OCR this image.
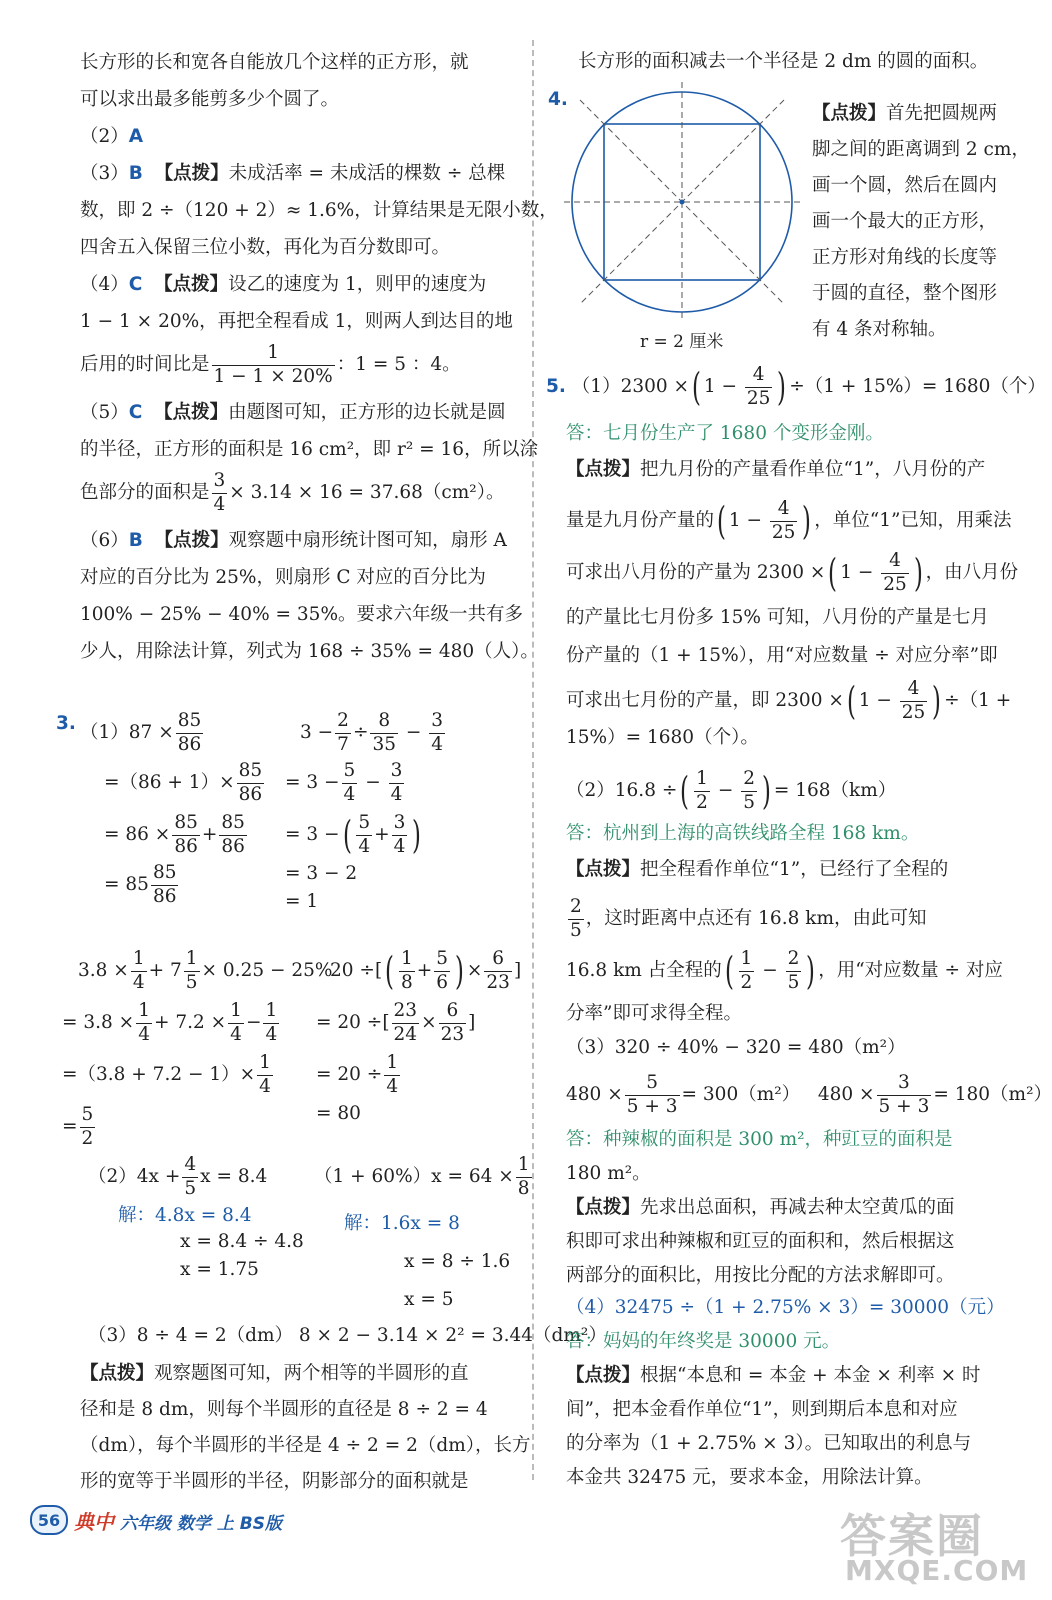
长方形的长和宽各自能放几个这样的正方形，就
可以求出最多能剪多少个圆了。
（2）A
（3）B 【点拨】未成活率 = 未成活的棵数 ÷ 总棵
数，即 2 ÷（120 + 2）≈ 1.6%，计算结果是无限小数，
四舍五入保留三位小数，再化为百分数即可。
（4）C 【点拨】设乙的速度为 1，则甲的速度为
1 − 1 × 20%，再把全程看成 1，则两人到达目的地
后用的时间比是 $\frac{1}{1 - 1 \times 20\%}$ ：1 = 5 ：4。
（5）C 【点拨】由题图可知，正方形的边长就是圆
的半径，正方形的面积是 16 cm²，即 r² = 16，所以涂
色部分的面积是 $\frac{3}{4} \times 3.14 \times 16 = 37.68(cm^2)$。
（6）B 【点拨】观察题中扇形统计图可知，扇形 A
对应的百分比为 25%，则扇形 C 对应的百分比为
100% − 25% − 40% = 35%。要求六年级一共有多
少人，用除法计算，列式为 168 ÷ 35% = 480（人）。
3. $(1)87 \times \frac{85}{86}$
$=(86 + 1)\times \frac{85}{86}$
= $86 \times \frac{85}{86} + \frac{85}{86}$
= $85 \frac{85}{86}$
$3 - \frac{2}{7} \div \frac{8}{35} - \frac{3}{4}$
= $3 - \frac{5}{4} - \frac{3}{4}$
= 3 −( $\frac{5}{4} + \frac{3}{4}$ )
= 3 − 2
= 1
$3.8 \times \frac{1}{4} + 7 \frac{1}{5} \times 0.25 - 25\%$
= $3.8 \times \frac{1}{4} + 7.2 \times \frac{1}{4} - \frac{1}{4}$
$=(3.8 + 7.2 - 1)\times \frac{1}{4}$
= $\frac{5}{2}$
20 ÷[( $\frac{1}{8} + \frac{5}{6}$ ) × $\frac{6}{23}$ ]
= 20 ÷[ $\frac{23}{24} \times \frac{6}{23}$ ]
= $20 \div \frac{1}{4}$
= 80
$(2)4x + \frac{4}{5}$ x = 8.4
解：4.8x = 8.4
x = 8.4 ÷ 4.8
x = 1.75
$(1 + 60\%)x = 64 \times \frac{1}{8}$
解：1.6x = 8
x = 8 ÷ 1.6
x = 5
（3）8 ÷ 4 = 2（dm） 8 × 2 − 3.14 × 2² = 3.44（dm²）
【点拨】观察题图可知，两个相等的半圆形的直
径和是 8 dm，则每个半圆形的直径是 8 ÷ 2 = 4
（dm），每个半圆形的半径是 4 ÷ 2 = 2（dm），长方
形的宽等于半圆形的半径，阴影部分的面积就是
长方形的面积减去一个半径是 2 dm 的圆的面积。
4.
r = 2 厘米
【点拨】首先把圆规两
脚之间的距离调到 2 cm，
画一个圆，然后在圆内
画一个最大的正方形，
正方形对角线的长度等
于圆的直径，整个图形
有 4 条对称轴。
5. （1）2300 ×( $1 - \frac{4}{25}$ ) ÷（1 + 15%）= 1680（个）
答：七月份生产了 1680 个变形金刚。
【点拨】把九月份的产量看作单位“1”，八月份的产
量是九月份产量的( $1 - \frac{4}{25}$ ) ，单位“1”已知，用乘法
可求出八月份的产量为 2300 ×( $1 - \frac{4}{25}$ ) ，由八月份
的产量比七月份多 15% 可知，八月份的产量是七月
份产量的（1 + 15%），用“对应数量 ÷ 对应分率”即
可求出七月份的产量，即 2300 ×( $1 - \frac{4}{25}$ ) ÷（1 +
15%）= 1680（个）。
（2）16.8 ÷( $\frac{1}{2} - \frac{2}{5}$ ) = 168（km）
答：杭州到上海的高铁线路全程 168 km。
【点拨】把全程看作单位“1”，已经行了全程的
$\frac{2}{5}$ ，这时距离中点还有 16.8 km，由此可知
16.8 km 占全程的( $\frac{1}{2} - \frac{2}{5}$ ) ，用“对应数量 ÷ 对应
分率”即可求得全程。
（3）320 ÷ 40% − 320 = 480（m²）
$480 \times \frac{5}{5 + 3} = 300(m^2) 480 \times \frac{3}{5 + 3} = 180(m^2)$
答：种辣椒的面积是 300 m²，种豇豆的面积是
180 m²。
【点拨】先求出总面积，再减去种太空黄瓜的面
积即可求出种辣椒和豇豆的面积和，然后根据这
两部分的面积比，用按比分配的方法求解即可。
（4）32475 ÷（1 + 2.75% × 3）= 30000（元）
答：妈妈的年终奖是 30000 元。
【点拨】根据“本息和 = 本金 + 本金 × 利率 × 时
间”，把本金看作单位“1”，则到期后本息和对应
的分率为（1 + 2.75% × 3）。已知取出的利息与
本金共 32475 元，要求本金，用除法计算。
56 典中 六年级 数学 上 BS版	答案圈
MXQE.COM
